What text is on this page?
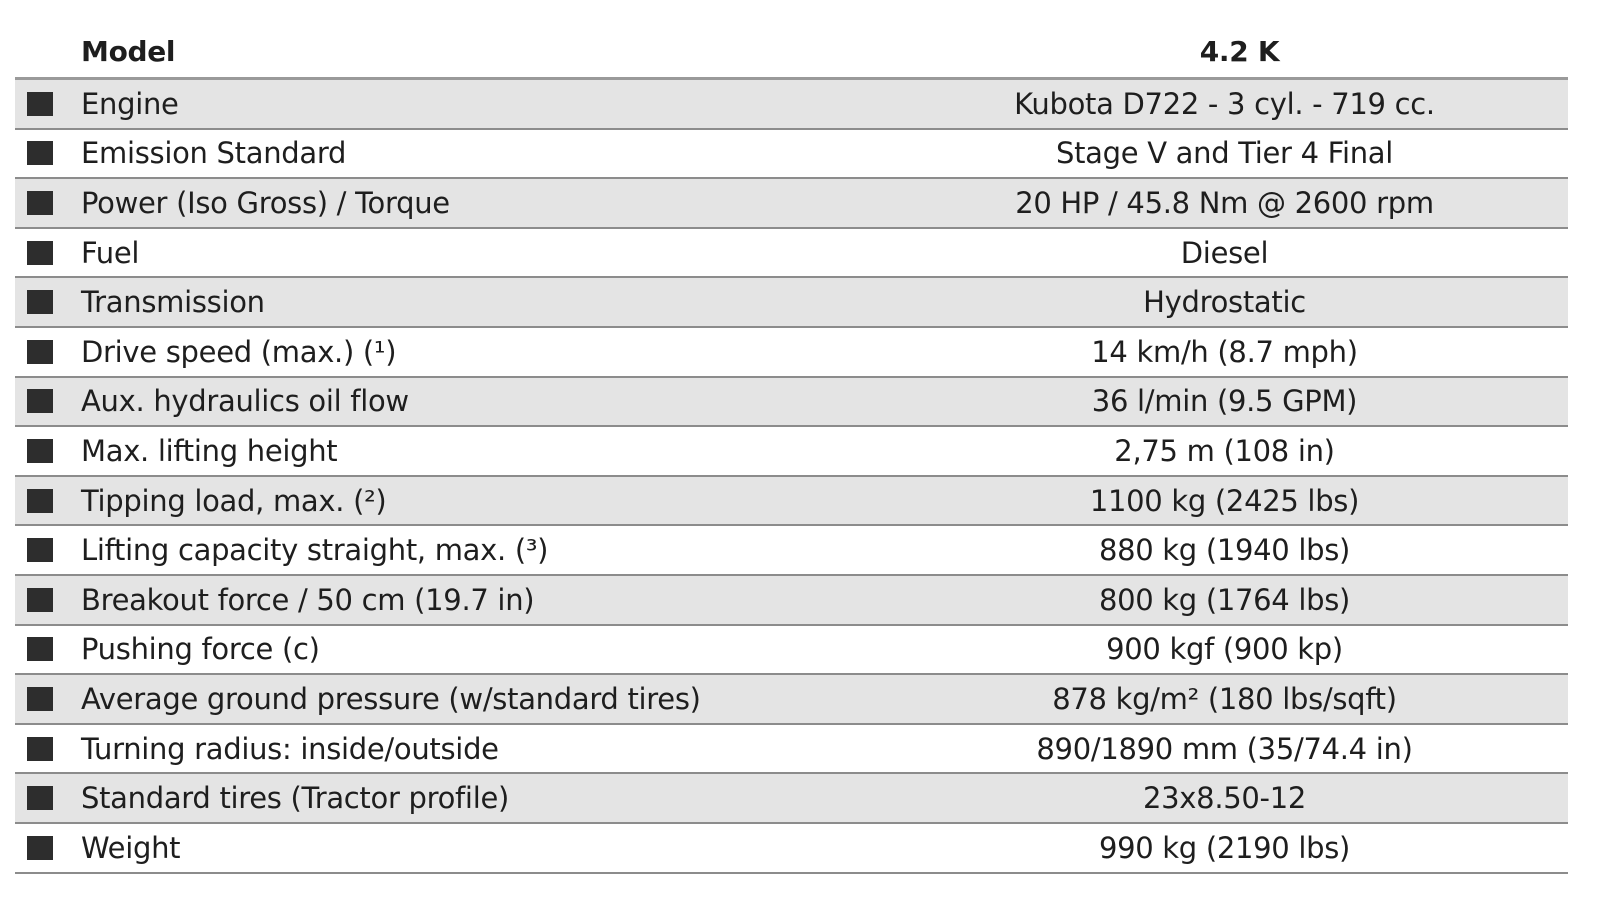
Model	4.2 K
Engine	Kubota D722 - 3 cyl. - 719 cc.
Emission Standard	Stage V and Tier 4 Final
Power (Iso Gross) / Torque	20 HP / 45.8 Nm @ 2600 rpm
Fuel	Diesel
Transmission	Hydrostatic
Drive speed (max.) (¹)	14 km/h (8.7 mph)
Aux. hydraulics oil flow	36 l/min (9.5 GPM)
Max. lifting height	2,75 m (108 in)
Tipping load, max. (²)	1100 kg (2425 lbs)
Lifting capacity straight, max. (³)	880 kg (1940 lbs)
Breakout force / 50 cm (19.7 in)	800 kg (1764 lbs)
Pushing force (c)	900 kgf (900 kp)
Average ground pressure (w/standard tires)	878 kg/m² (180 lbs/sqft)
Turning radius: inside/outside	890/1890 mm (35/74.4 in)
Standard tires (Tractor profile)	23x8.50-12
Weight	990 kg (2190 lbs)
